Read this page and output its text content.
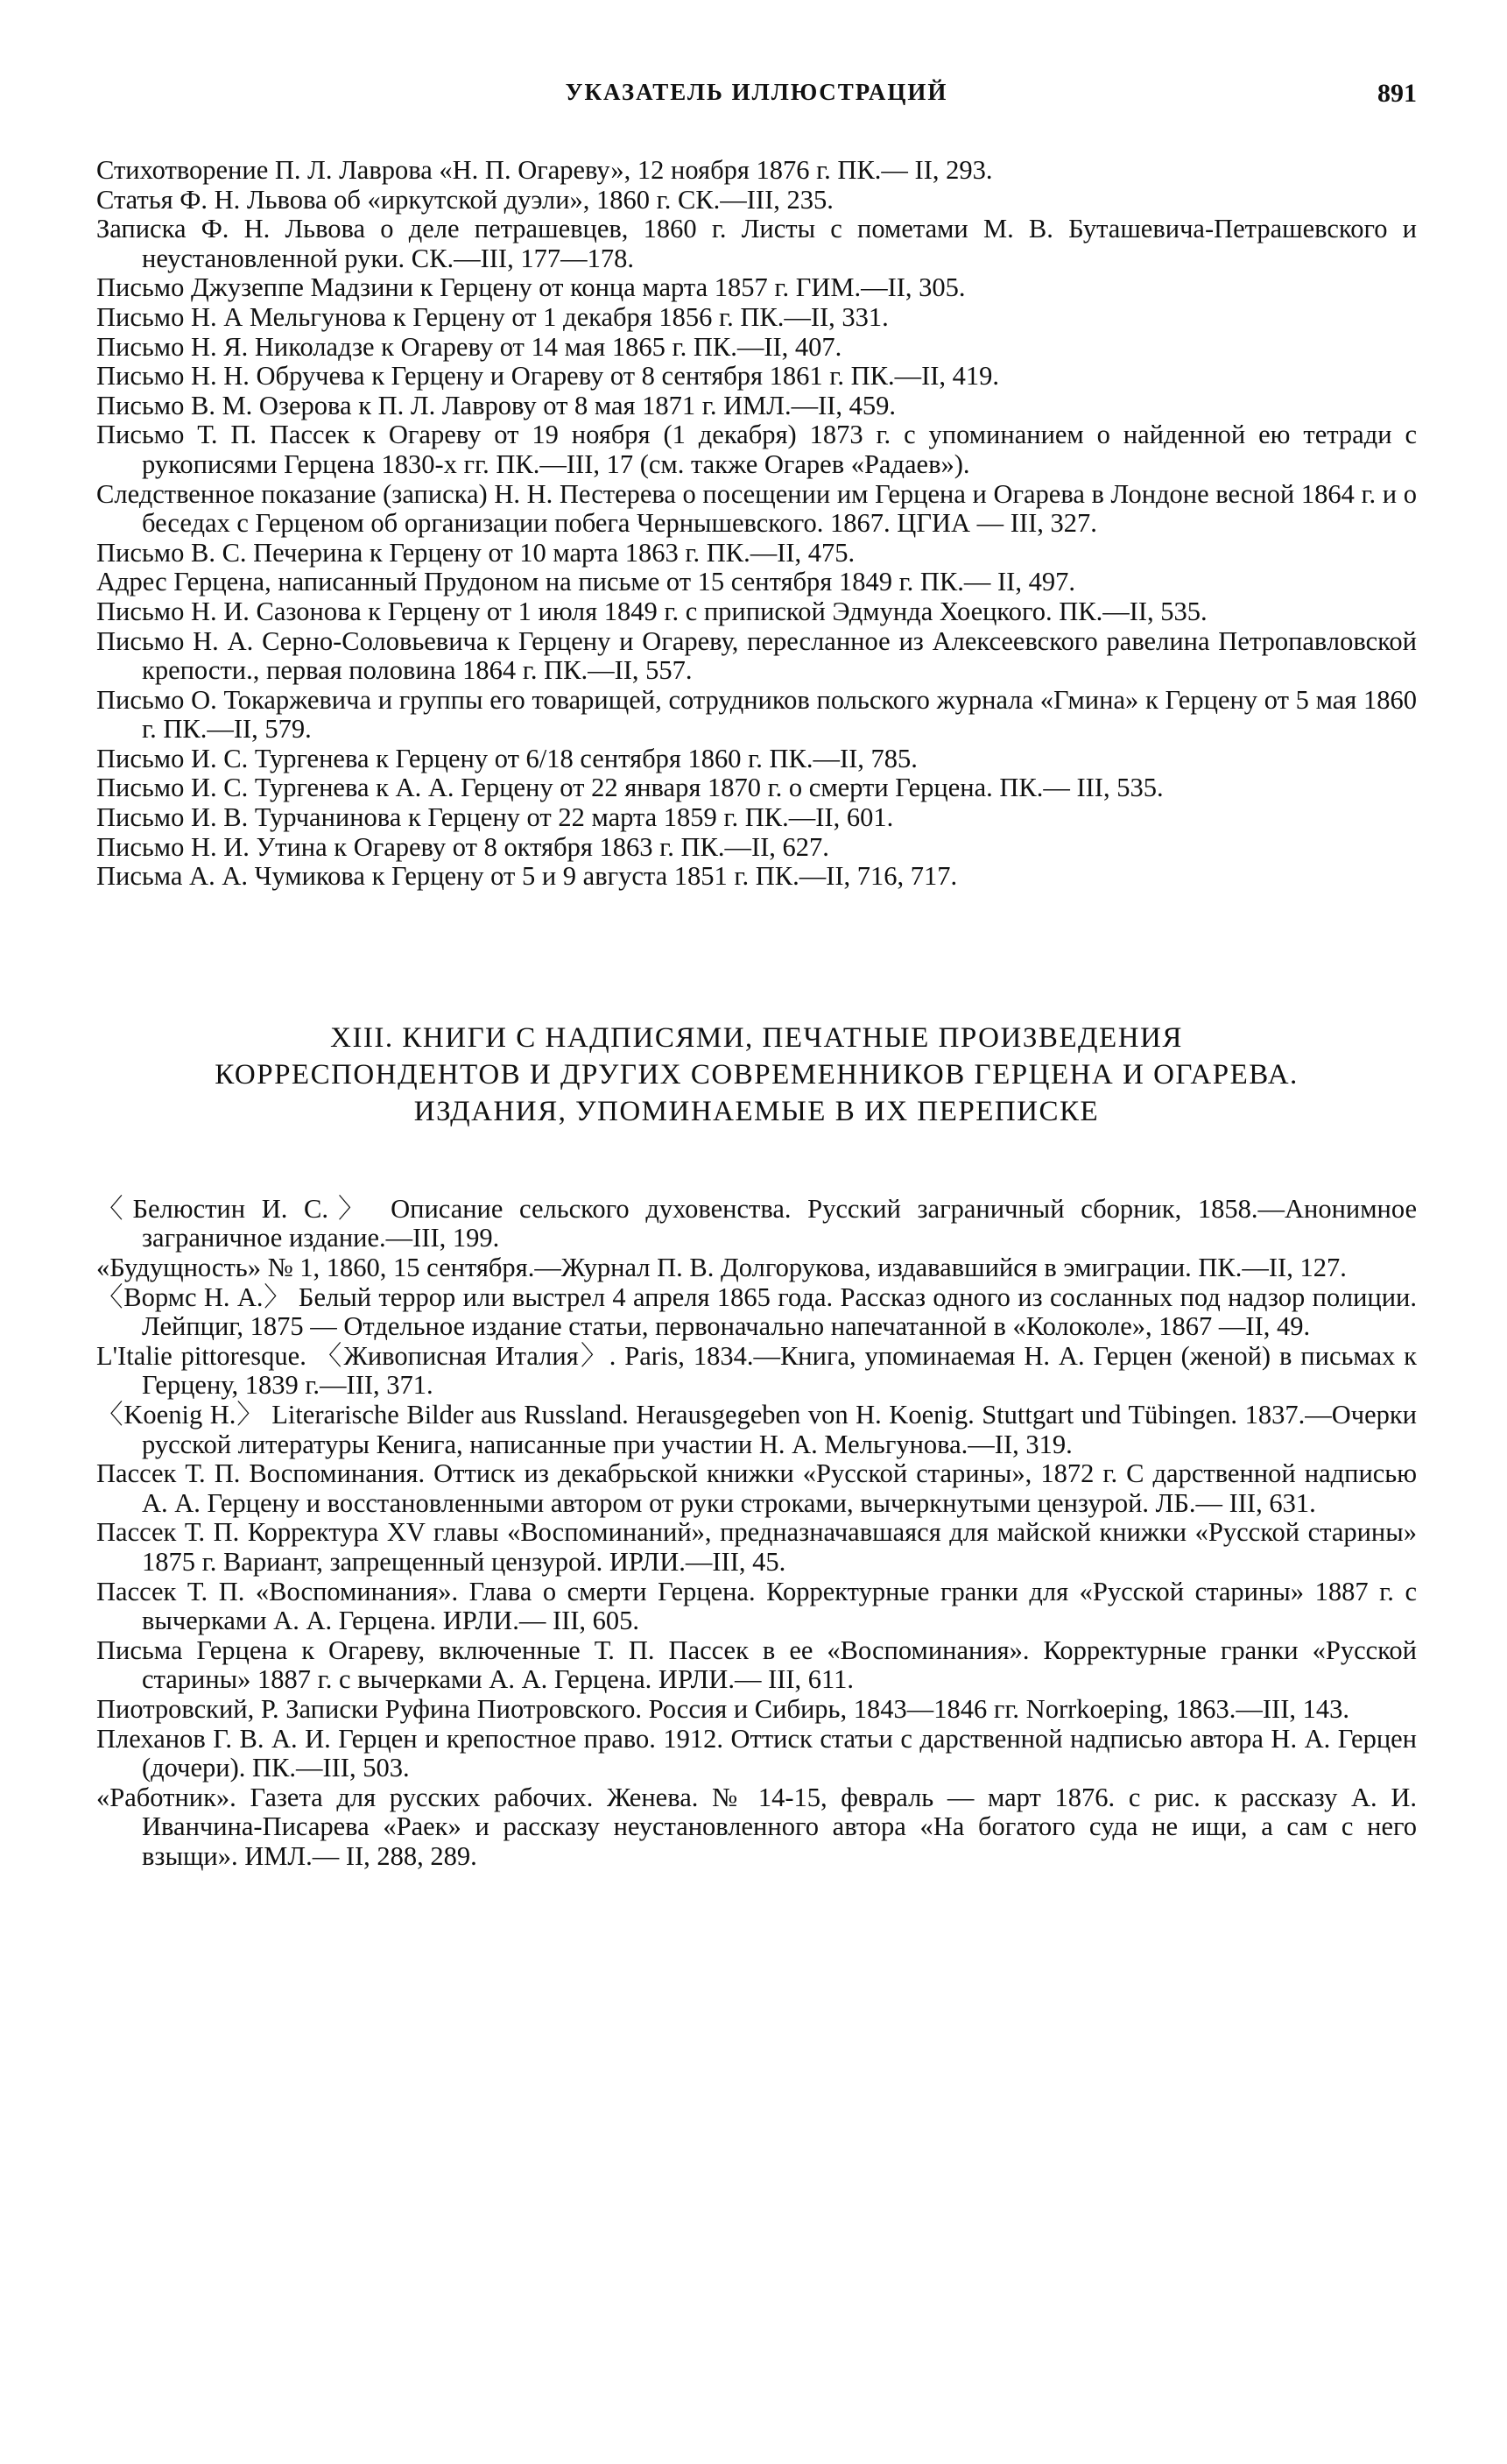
УКАЗАТЕЛЬ ИЛЛЮСТРАЦИЙ	891

Стихотворение П. Л. Лаврова «Н. П. Огареву», 12 ноября 1876 г. ПК.— II, 293.

Статья Ф. Н. Львова об «иркутской дуэли», 1860 г. СК.—III, 235.

Записка Ф. Н. Львова о деле петрашевцев, 1860 г. Листы с пометами М. В. Буташевича-Петрашевского и неустановленной руки. СК.—III, 177—178.

Письмо Джузеппе Мадзини к Герцену от конца марта 1857 г. ГИМ.—II, 305.

Письмо Н. А Мельгунова к Герцену от 1 декабря 1856 г. ПК.—II, 331.

Письмо Н. Я. Николадзе к Огареву от 14 мая 1865 г. ПК.—II, 407.

Письмо Н. Н. Обручева к Герцену и Огареву от 8 сентября 1861 г. ПК.—II, 419.

Письмо В. М. Озерова к П. Л. Лаврову от 8 мая 1871 г. ИМЛ.—II, 459.

Письмо Т. П. Пассек к Огареву от 19 ноября (1 декабря) 1873 г. с упоминанием о найденной ею тетради с рукописями Герцена 1830-х гг. ПК.—III, 17 (см. также Огарев «Радаев»).

Следственное показание (записка) Н. Н. Пестерева о посещении им Герцена и Огарева в Лондоне весной 1864 г. и о беседах с Герценом об организации побега Чернышевского. 1867. ЦГИА — III, 327.

Письмо В. С. Печерина к Герцену от 10 марта 1863 г. ПК.—II, 475.

Адрес Герцена, написанный Прудоном на письме от 15 сентября 1849 г. ПК.— II, 497.

Письмо Н. И. Сазонова к Герцену от 1 июля 1849 г. с припиской Эдмунда Хоецкого. ПК.—II, 535.

Письмо Н. А. Серно-Соловьевича к Герцену и Огареву, пересланное из Алексеевского равелина Петропавловской крепости., первая половина 1864 г. ПК.—II, 557.

Письмо О. Токаржевича и группы его товарищей, сотрудников польского журнала «Гмина» к Герцену от 5 мая 1860 г. ПК.—II, 579.

Письмо И. С. Тургенева к Герцену от 6/18 сентября 1860 г. ПК.—II, 785.

Письмо И. С. Тургенева к А. А. Герцену от 22 января 1870 г. о смерти Герцена. ПК.— III, 535.

Письмо И. В. Турчанинова к Герцену от 22 марта 1859 г. ПК.—II, 601.

Письмо Н. И. Утина к Огареву от 8 октября 1863 г. ПК.—II, 627.

Письма А. А. Чумикова к Герцену от 5 и 9 августа 1851 г. ПК.—II, 716, 717.

XIII. КНИГИ С НАДПИСЯМИ, ПЕЧАТНЫЕ ПРОИЗВЕДЕНИЯ
КОРРЕСПОНДЕНТОВ И ДРУГИХ СОВРЕМЕННИКОВ ГЕРЦЕНА И ОГАРЕВА.
ИЗДАНИЯ, УПОМИНАЕМЫЕ В ИХ ПЕРЕПИСКЕ

〈Белюстин И. С.〉 Описание сельского духовенства. Русский заграничный сборник, 1858.—Анонимное заграничное издание.—III, 199.

«Будущность» № 1, 1860, 15 сентября.—Журнал П. В. Долгорукова, издававшийся в эмиграции. ПК.—II, 127.

〈Вормс Н. А.〉 Белый террор или выстрел 4 апреля 1865 года. Рассказ одного из сосланных под надзор полиции. Лейпциг, 1875 — Отдельное издание статьи, первоначально напечатанной в «Колоколе», 1867 —II, 49.

L'Italie pittoresque. 〈Живописная Италия〉. Paris, 1834.—Книга, упоминаемая Н. А. Герцен (женой) в письмах к Герцену, 1839 г.—III, 371.

〈Koenig H.〉 Literarische Bilder aus Russland. Herausgegeben von H. Koenig. Stuttgart und Tübingen. 1837.—Очерки русской литературы Кенига, написанные при участии Н. А. Мельгунова.—II, 319.

Пассек Т. П. Воспоминания. Оттиск из декабрьской книжки «Русской старины», 1872 г. С дарственной надписью А. А. Герцену и восстановленными автором от руки строками, вычеркнутыми цензурой. ЛБ.— III, 631.

Пассек Т. П. Корректура XV главы «Воспоминаний», предназначавшаяся для майской книжки «Русской старины» 1875 г. Вариант, запрещенный цензурой. ИРЛИ.—III, 45.

Пассек Т. П. «Воспоминания». Глава о смерти Герцена. Корректурные гранки для «Русской старины» 1887 г. с вычерками А. А. Герцена. ИРЛИ.— III, 605.

Письма Герцена к Огареву, включенные Т. П. Пассек в ее «Воспоминания». Корректурные гранки «Русской старины» 1887 г. с вычерками А. А. Герцена. ИРЛИ.— III, 611.

Пиотровский, Р. Записки Руфина Пиотровского. Россия и Сибирь, 1843—1846 гг. Norrkoeping, 1863.—III, 143.

Плеханов Г. В. А. И. Герцен и крепостное право. 1912. Оттиск статьи с дарственной надписью автора Н. А. Герцен (дочери). ПК.—III, 503.

«Работник». Газета для русских рабочих. Женева. № 14-15, февраль — март 1876. с рис. к рассказу А. И. Иванчина-Писарева «Раек» и рассказу неустановленного автора «На богатого суда не ищи, а сам с него взыщи». ИМЛ.— II, 288, 289.
